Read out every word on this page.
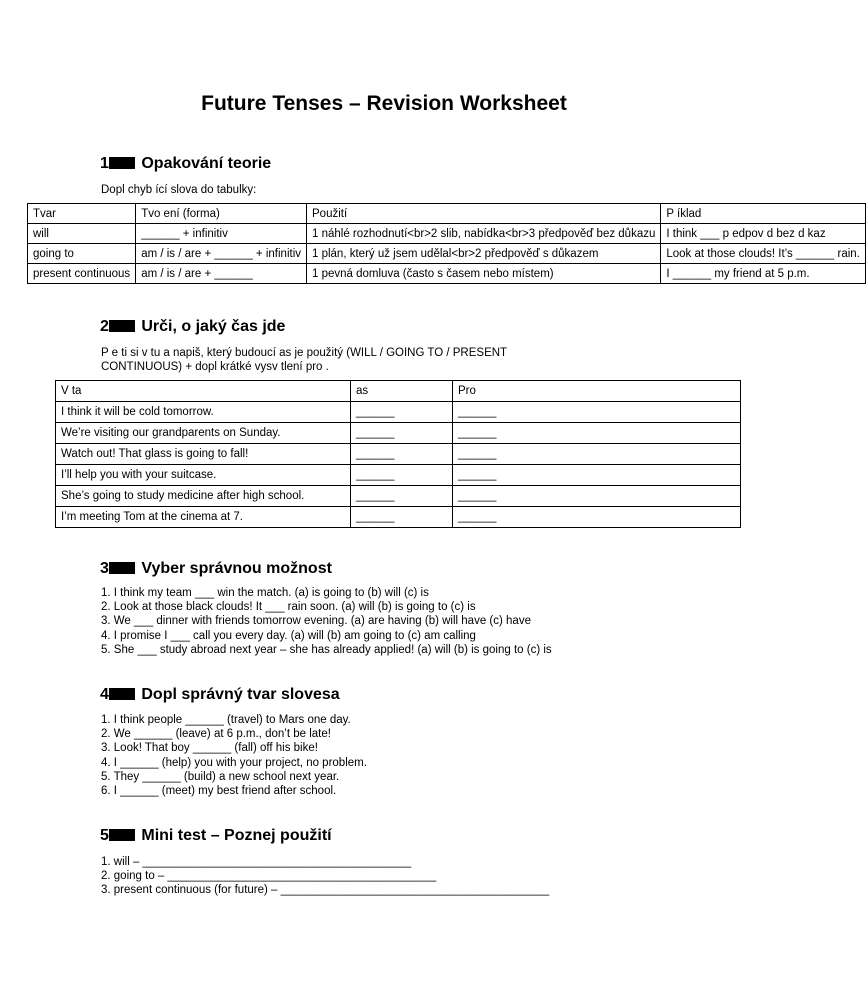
Future Tenses – Revision Worksheet
1 Opakování teorie
Dopl chyb ící slova do tabulky:
Tvar	Tvo ení (forma)	Použití	P íklad
will	______ + infinitiv	1 náhlé rozhodnutí<br>2 slib, nabídka<br>3 předpověď bez důkazu	I think ___ p edpov d bez d kaz
going to	am / is / are + ______ + infinitiv	1 plán, který už jsem udělal<br>2 předpověď s důkazem	Look at those clouds! It’s ______ rain.
present continuous	am / is / are + ______	1 pevná domluva (často s časem nebo místem)	I ______ my friend at 5 p.m.
2 Urči, o jaký čas jde
P e ti si v tu a napiš, který budoucí as je použitý (WILL / GOING TO / PRESENT
CONTINUOUS) + dopl krátké vysv tlení pro .
V ta	as	Pro
I think it will be cold tomorrow.	______	______
We’re visiting our grandparents on Sunday.	______	______
Watch out! That glass is going to fall!	______	______
I’ll help you with your suitcase.	______	______
She’s going to study medicine after high school.	______	______
I’m meeting Tom at the cinema at 7.	______	______
3 Vyber správnou možnost
1. I think my team ___ win the match. (a) is going to (b) will (c) is
2. Look at those black clouds! It ___ rain soon. (a) will (b) is going to (c) is
3. We ___ dinner with friends tomorrow evening. (a) are having (b) will have (c) have
4. I promise I ___ call you every day. (a) will (b) am going to (c) am calling
5. She ___ study abroad next year – she has already applied! (a) will (b) is going to (c) is
4 Dopl správný tvar slovesa
1. I think people ______ (travel) to Mars one day.
2. We ______ (leave) at 6 p.m., don’t be late!
3. Look! That boy ______ (fall) off his bike!
4. I ______ (help) you with your project, no problem.
5. They ______ (build) a new school next year.
6. I ______ (meet) my best friend after school.
5 Mini test – Poznej použití
1. will – __________________________________________
2. going to – __________________________________________
3. present continuous (for future) – __________________________________________
